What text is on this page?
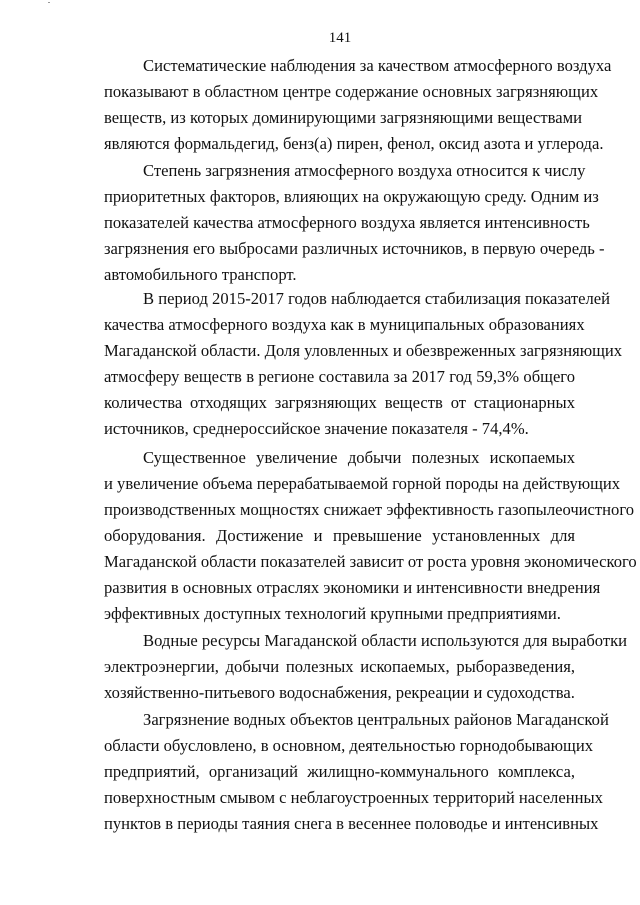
141
Систематические наблюдения за качеством атмосферного воздуха
показывают в областном центре содержание основных загрязняющих
веществ, из которых доминирующими загрязняющими веществами
являются формальдегид, бенз(а) пирен, фенол, оксид азота и углерода.
Степень загрязнения атмосферного воздуха относится к числу
приоритетных факторов, влияющих на окружающую среду. Одним из
показателей качества атмосферного воздуха является интенсивность
загрязнения его выбросами различных источников, в первую очередь -
автомобильного транспорт.
В период 2015-2017 годов наблюдается стабилизация показателей
качества атмосферного воздуха как в муниципальных образованиях
Магаданской области. Доля уловленных и обезвреженных загрязняющих
атмосферу веществ в регионе составила за 2017 год 59,3% общего
количества отходящих загрязняющих веществ от стационарных
источников, среднероссийское значение показателя - 74,4%.
Существенное увеличение добычи полезных ископаемых
и увеличение объема перерабатываемой горной породы на действующих
производственных мощностях снижает эффективность газопылеочистного
оборудования. Достижение и превышение установленных для
Магаданской области показателей зависит от роста уровня экономического
развития в основных отраслях экономики и интенсивности внедрения
эффективных доступных технологий крупными предприятиями.
Водные ресурсы Магаданской области используются для выработки
электроэнергии, добычи полезных ископаемых, рыборазведения,
хозяйственно-питьевого водоснабжения, рекреации и судоходства.
Загрязнение водных объектов центральных районов Магаданской
области обусловлено, в основном, деятельностью горнодобывающих
предприятий, организаций жилищно-коммунального комплекса,
поверхностным смывом с неблагоустроенных территорий населенных
пунктов в периоды таяния снега в весеннее половодье и интенсивных
